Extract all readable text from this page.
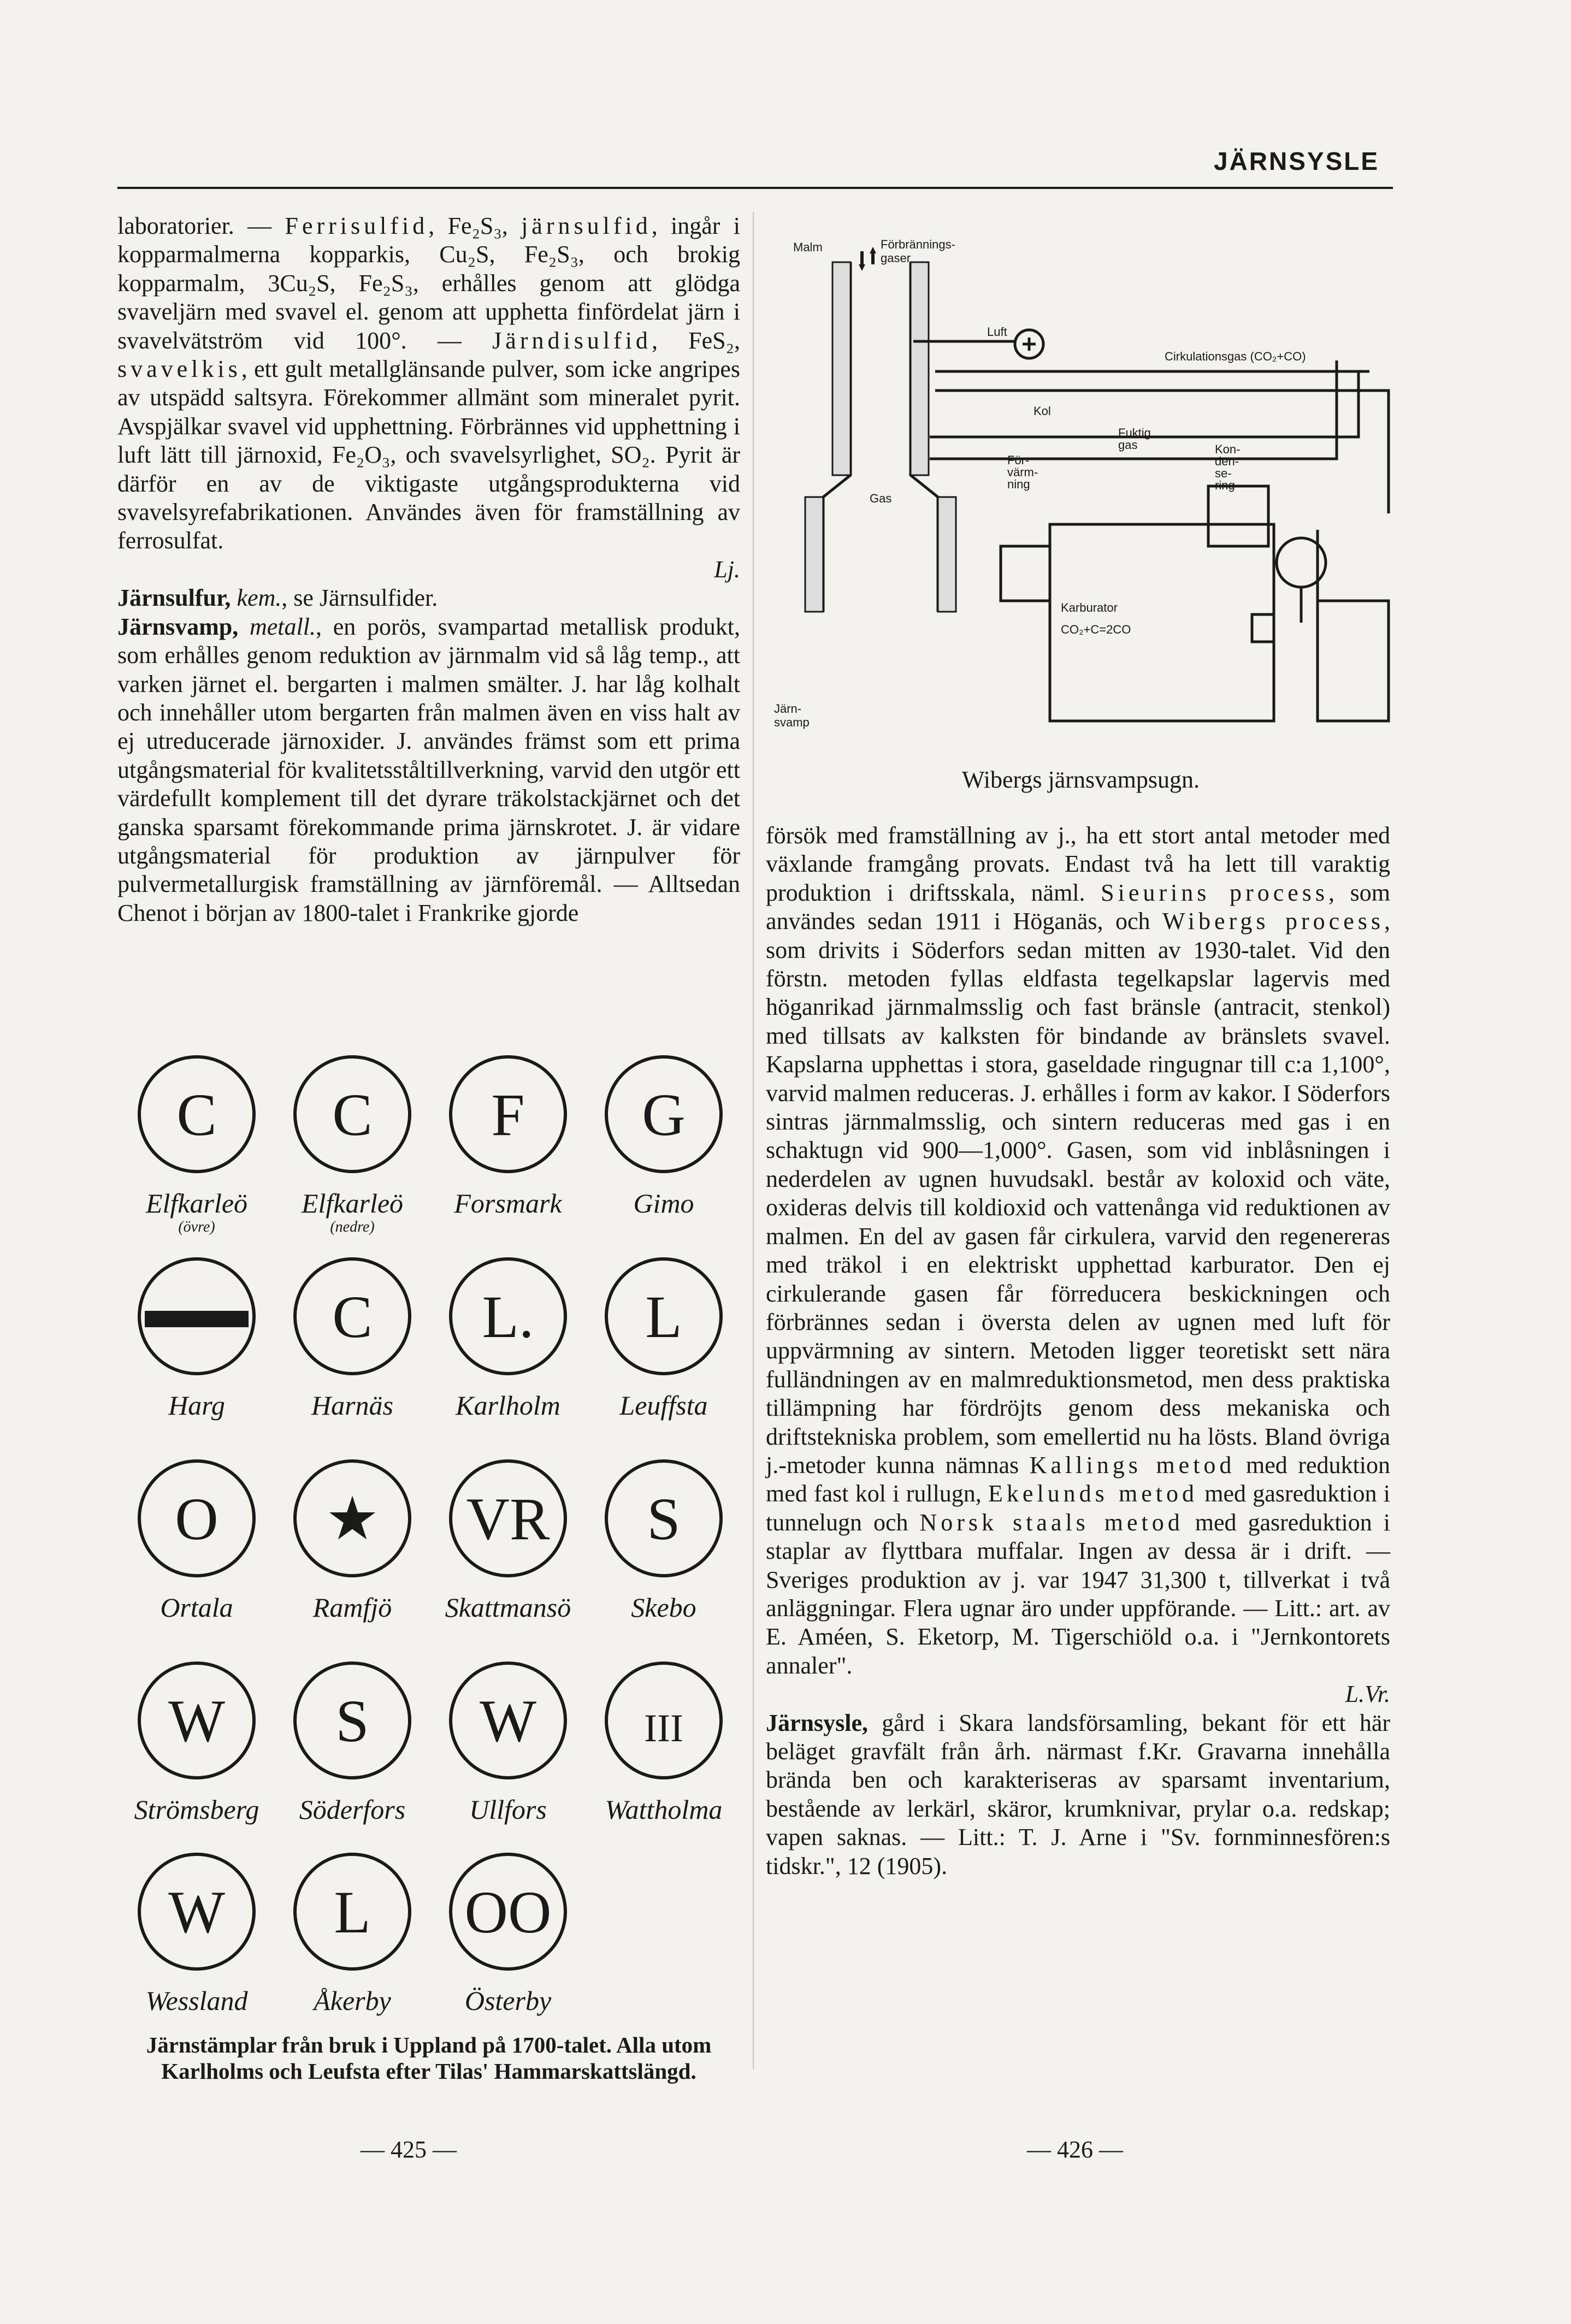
JÄRNSYSLE

laboratorier. — Ferrisulfid, Fe₂S₃, järnsulfid, ingår i kopparmalmerna kopparkis, Cu₂S, Fe₂S₃, och brokig kopparmalm, 3Cu₂S, Fe₂S₃, erhålles genom att glödga svaveljärn med svavel el. genom att upphetta finfördelat järn i svavelvätström vid 100°. — Järndisulfid, FeS₂, svavelkis, ett gult metallglänsande pulver, som icke angripes av utspädd saltsyra. Förekommer allmänt som mineralet pyrit. Avspjälkar svavel vid upphettning. Förbrännes vid upphettning i luft lätt till järnoxid, Fe₂O₃, och svavelsyrlighet, SO₂. Pyrit är därför en av de viktigaste utgångsprodukterna vid svavelsyrefabrikationen. Användes även för framställning av ferrosulfat.
Lj.

Järnsulfur, kem., se Järnsulfider.

Järnsvamp, metall., en porös, svampartad metallisk produkt, som erhålles genom reduktion av järnmalm vid så låg temp., att varken järnet el. bergarten i malmen smälter. J. har låg kolhalt och innehåller utom bergarten från malmen även en viss halt av ej utreducerade järnoxider. J. användes främst som ett prima utgångsmaterial för kvalitetsståltillverkning, varvid den utgör ett värdefullt komplement till det dyrare träkolstackjärnet och det ganska sparsamt förekommande prima järnskrotet. J. är vidare utgångsmaterial för produktion av järnpulver för pulvermetallurgisk framställning av järnföremål. — Alltsedan Chenot i början av 1800-talet i Frankrike gjorde

C
Elfkarleö
(övre)
C
Elfkarleö
(nedre)
F
Forsmark
G
Gimo
Harg
C
Harnäs
L.
Karlholm
L
Leuffsta
O
Ortala
★
Ramfjö
VR
Skattmansö
S
Skebo
W
Strömsberg
S
Söderfors
W
Ullfors
III
Wattholma
W
Wessland
L
Åkerby
OO
Österby
Järnstämplar från bruk i Uppland på 1700-talet. Alla utom Karlholms och Leufsta efter Tilas' Hammarskattslängd.
Malm	Förbrännings-
gaser
Luft
Cirkulationsgas (CO₂+CO)
Kol
Fuktig
gas	Kon-
den-
se-
ring
För-
värm-
ning
Gas
Karburator
CO₂+C=2CO
Järn-
svamp
Wibergs järnsvampsugn.

försök med framställning av j., ha ett stort antal metoder med växlande framgång provats. Endast två ha lett till varaktig produktion i driftsskala, näml. Sieurins process, som användes sedan 1911 i Höganäs, och Wibergs process, som drivits i Söderfors sedan mitten av 1930-talet. Vid den förstn. metoden fyllas eldfasta tegelkapslar lagervis med höganrikad järnmalmsslig och fast bränsle (antracit, stenkol) med tillsats av kalksten för bindande av bränslets svavel. Kapslarna upphettas i stora, gaseldade ringugnar till c:a 1,100°, varvid malmen reduceras. J. erhålles i form av kakor. I Söderfors sintras järnmalmsslig, och sintern reduceras med gas i en schaktugn vid 900—1,000°. Gasen, som vid inblåsningen i nederdelen av ugnen huvudsakl. består av koloxid och väte, oxideras delvis till koldioxid och vattenånga vid reduktionen av malmen. En del av gasen får cirkulera, varvid den regenereras med träkol i en elektriskt upphettad karburator. Den ej cirkulerande gasen får förreducera beskickningen och förbrännes sedan i översta delen av ugnen med luft för uppvärmning av sintern. Metoden ligger teoretiskt sett nära fulländningen av en malmreduktionsmetod, men dess praktiska tillämpning har fördröjts genom dess mekaniska och driftstekniska problem, som emellertid nu ha lösts. Bland övriga j.-metoder kunna nämnas Kallings metod med reduktion med fast kol i rullugn, Ekelunds metod med gasreduktion i tunnelugn och Norsk staals metod med gasreduktion i staplar av flyttbara muffalar. Ingen av dessa är i drift. — Sveriges produktion av j. var 1947 31,300 t, tillverkat i två anläggningar. Flera ugnar äro under uppförande. — Litt.: art. av E. Améen, S. Eketorp, M. Tigerschiöld o.a. i "Jernkontorets annaler".
L.Vr.

Järnsysle, gård i Skara landsförsamling, bekant för ett här beläget gravfält från årh. närmast f.Kr. Gravarna innehålla brända ben och karakteriseras av sparsamt inventarium, bestående av lerkärl, skäror, krumknivar, prylar o.a. redskap; vapen saknas. — Litt.: T. J. Arne i "Sv. fornminnesfören:s tidskr.", 12 (1905).

— 425 —	— 426 —
